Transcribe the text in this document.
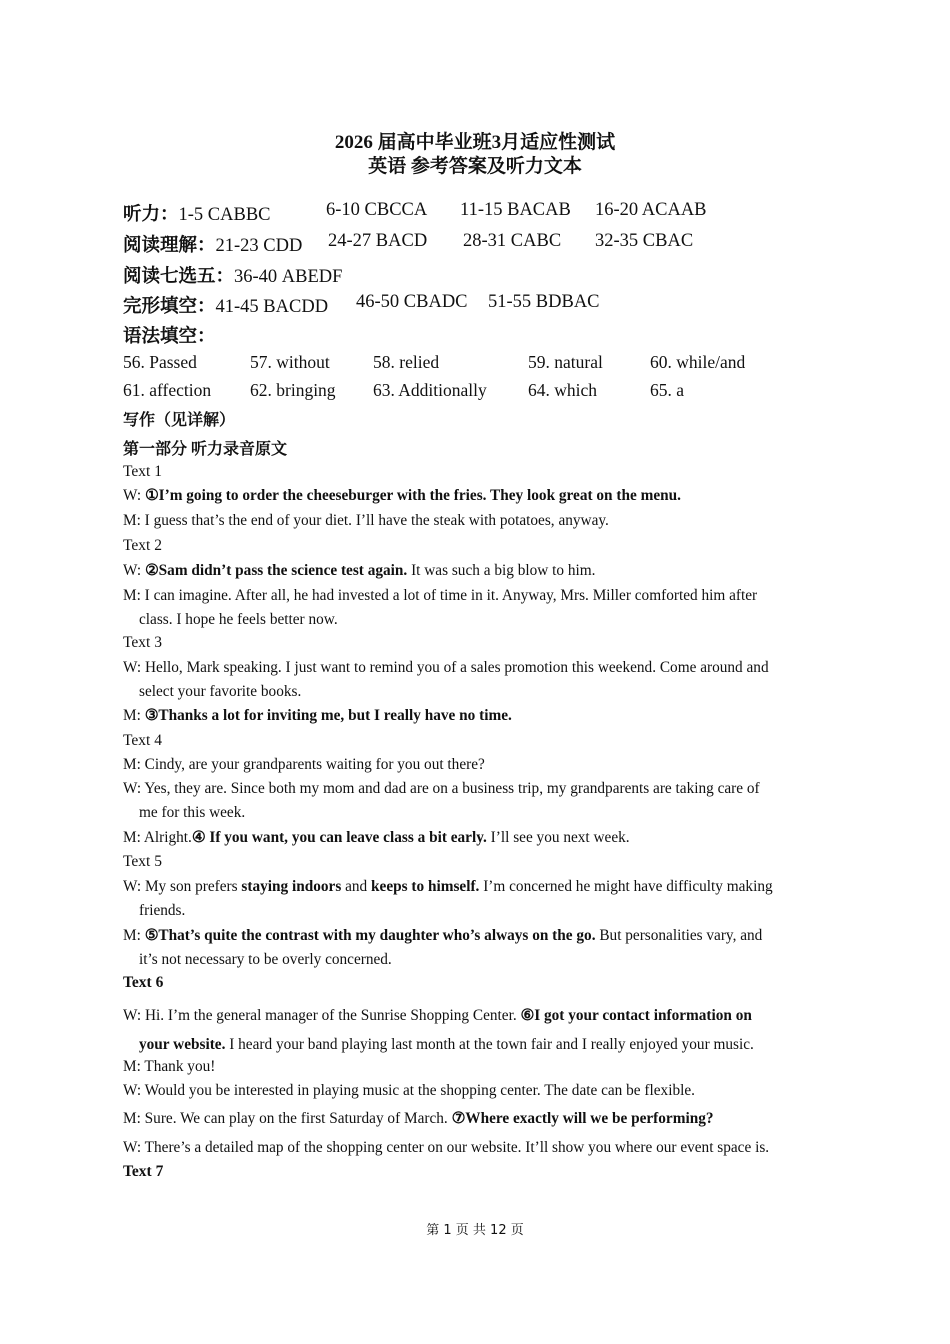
2026 届高中毕业班3月适应性测试
英语 参考答案及听力文本
听力：1-5 CABBC	6-10 CBCCA 11-15 BACAB 16-20 ACAAB
阅读理解：21-23 CDD 24-27 BACD 28-31 CABC 32-35 CBAC
阅读七选五：36-40 ABEDF
完形填空：41-45 BACDD 46-50 CBADC 51-55 BDBAC
语法填空：
56. Passed	57. without 58. relied	59. natural	60. while/and
61. affection 62. bringing 63. Additionally 64. which	65. a
写作（见详解）
第一部分 听力录音原文
Text 1
W: ①I’m going to order the cheeseburger with the fries. They look great on the menu.
M: I guess that’s the end of your diet. I’ll have the steak with potatoes, anyway.
Text 2
W: ②Sam didn’t pass the science test again. It was such a big blow to him.
M: I can imagine. After all, he had invested a lot of time in it. Anyway, Mrs. Miller comforted him after
class. I hope he feels better now.
Text 3
W: Hello, Mark speaking. I just want to remind you of a sales promotion this weekend. Come around and
select your favorite books.
M: ③Thanks a lot for inviting me, but I really have no time.
Text 4
M: Cindy, are your grandparents waiting for you out there?
W: Yes, they are. Since both my mom and dad are on a business trip, my grandparents are taking care of
me for this week.
M: Alright.④ If you want, you can leave class a bit early. I’ll see you next week.
Text 5
W: My son prefers staying indoors and keeps to himself. I’m concerned he might have difficulty making
friends.
M: ⑤That’s quite the contrast with my daughter who’s always on the go. But personalities vary, and
it’s not necessary to be overly concerned.
Text 6
W: Hi. I’m the general manager of the Sunrise Shopping Center. ⑥I got your contact information on
your website. I heard your band playing last month at the town fair and I really enjoyed your music.
M: Thank you!
W: Would you be interested in playing music at the shopping center. The date can be flexible.
M: Sure. We can play on the first Saturday of March. ⑦Where exactly will we be performing?
W: There’s a detailed map of the shopping center on our website. It’ll show you where our event space is.
Text 7
第 1 页 共 12 页
